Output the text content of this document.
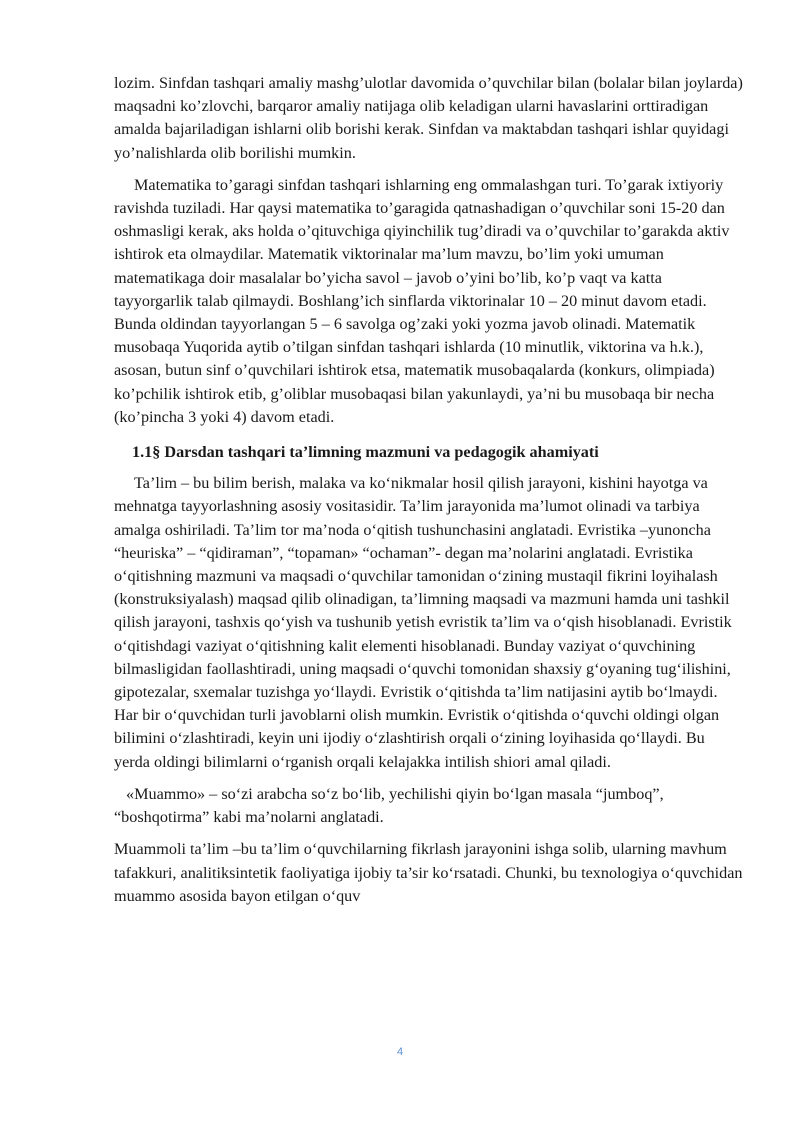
lozim. Sinfdan tashqari amaliy mashg’ulotlar davomida o’quvchilar bilan (bolalar bilan joylarda) maqsadni ko’zlovchi, barqaror amaliy natijaga olib keladigan ularni havaslarini orttiradigan amalda bajariladigan ishlarni olib borishi kerak. Sinfdan va maktabdan tashqari ishlar quyidagi yo’nalishlarda olib borilishi mumkin.

Matematika to’garagi sinfdan tashqari ishlarning eng ommalashgan turi. To’garak ixtiyoriy ravishda tuziladi. Har qaysi matematika to’garagida qatnashadigan o’quvchilar soni 15-20 dan oshmasligi kerak, aks holda o’qituvchiga qiyinchilik tug’diradi va o’quvchilar to’garakda aktiv ishtirok eta olmaydilar. Matematik viktorinalar ma’lum mavzu, bo’lim yoki umuman matematikaga doir masalalar bo’yicha savol – javob o’yini bo’lib, ko’p vaqt va katta tayyorgarlik talab qilmaydi. Boshlang’ich sinflarda viktorinalar 10 – 20 minut davom etadi. Bunda oldindan tayyorlangan 5 – 6 savolga og’zaki yoki yozma javob olinadi. Matematik musobaqa Yuqorida aytib o’tilgan sinfdan tashqari ishlarda (10 minutlik, viktorina va h.k.), asosan, butun sinf o’quvchilari ishtirok etsa, matematik musobaqalarda (konkurs, olimpiada) ko’pchilik ishtirok etib, g’oliblar musobaqasi bilan yakunlaydi, ya’ni bu musobaqa bir necha (ko’pincha 3 yoki 4) davom etadi.

1.1§ Darsdan tashqari ta’limning mazmuni va pedagogik ahamiyati

Ta’lim – bu bilim berish, malaka va ko‘nikmalar hosil qilish jarayoni, kishini hayotga va mehnatga tayyorlashning asosiy vositasidir. Ta’lim jarayonida ma’lumot olinadi va tarbiya amalga oshiriladi. Ta’lim tor ma’noda o‘qitish tushunchasini anglatadi. Evristika –yunoncha “heuriska” – “qidiraman”, “topaman» “ochaman”- degan ma’nolarini anglatadi. Evristika o‘qitishning mazmuni va maqsadi o‘quvchilar tamonidan o‘zining mustaqil fikrini loyihalash (konstruksiyalash) maqsad qilib olinadigan, ta’limning maqsadi va mazmuni hamda uni tashkil qilish jarayoni, tashxis qo‘yish va tushunib yetish evristik ta’lim va o‘qish hisoblanadi. Evristik o‘qitishdagi vaziyat o‘qitishning kalit elementi hisoblanadi. Bunday vaziyat o‘quvchining bilmasligidan faollashtiradi, uning maqsadi o‘quvchi tomonidan shaxsiy g‘oyaning tug‘ilishini, gipotezalar, sxemalar tuzishga yo‘llaydi. Evristik o‘qitishda ta’lim natijasini aytib bo‘lmaydi. Har bir o‘quvchidan turli javoblarni olish mumkin. Evristik o‘qitishda o‘quvchi oldingi olgan bilimini o‘zlashtiradi, keyin uni ijodiy o‘zlashtirish orqali o‘zining loyihasida qo‘llaydi. Bu yerda oldingi bilimlarni o‘rganish orqali kelajakka intilish shiori amal qiladi.

«Muammo» – so‘zi arabcha so‘z bo‘lib, yechilishi qiyin bo‘lgan masala “jumboq”, “boshqotirma” kabi ma’nolarni anglatadi.

Muammoli ta’lim –bu ta’lim o‘quvchilarning fikrlash jarayonini ishga solib, ularning mavhum tafakkuri, analitiksintetik faoliyatiga ijobiy ta’sir ko‘rsatadi. Chunki, bu texnologiya o‘quvchidan muammo asosida bayon etilgan o‘quv

4
